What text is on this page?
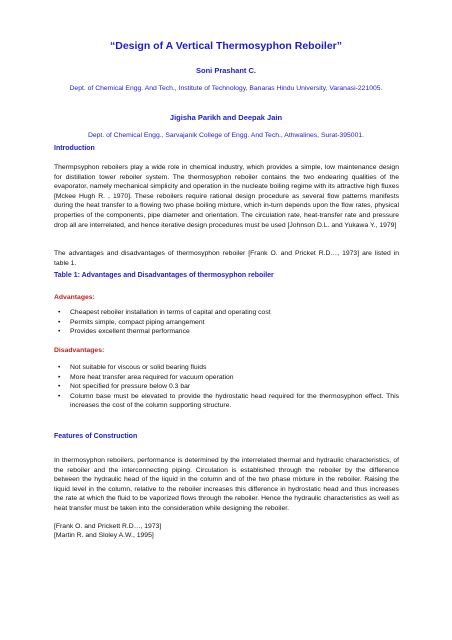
“Design of A Vertical Thermosyphon Reboiler”
Soni Prashant C.
Dept. of Chemical Engg. And Tech., Institute of Technology, Banaras Hindu University, Varanasi-221005.
Jigisha Parikh and Deepak Jain
Dept. of Chemical Engg., Sarvajanik College of Engg. And Tech., Athwalines, Surat-395001.
Introduction

Thermpsyphon reboilers play a wide role in chemical industry, which provides a simple, low maintenance design for distillation tower reboiler system. The thermosyphon reboiler contains the two endearing qualities of the evaporator, namely mechanical simplicity and operation in the nucleate boiling regime with its attractive high fluxes [Mckee Hugh R. , 1970]. These reboilers require rational design procedure as several flow patterns manifests during the heat transfer to a flowing two phase boiling mixture, which in-turn depends upon the flow rates, physical properties of the components, pipe diameter and orientation. The circulation rate, heat-transfer rate and pressure drop all are interrelated, and hence iterative design procedures must be used [Johnson D.L. and Yukawa Y., 1979]

The advantages and disadvantages of thermosyphon reboiler [Frank O. and Pricket R.D…, 1973] are listed in table 1.

Table 1: Advantages and Disadvantages of thermosyphon reboiler
Advantages:
• Cheapest reboiler installation in terms of capital and operating cost
• Permits simple, compact piping arrangement
• Provides excellent thermal performance
Disadvantages:
• Not suitable for viscous or solid bearing fluids
• More heat transfer area required for vacuum operation
• Not specified for pressure below 0.3 bar
• Column base must be elevated to provide the hydrostatic head required for the thermosyphon effect. This increases the cost of the column supporting structure.
Features of Construction

In thermosyphon reboilers, performance is determined by the interrelated thermal and hydraulic characteristics, of the reboiler and the interconnecting piping. Circulation is established through the reboiler by the difference between the hydraulic head of the liquid in the column and of the two phase mixture in the reboiler. Raising the liquid level in the column, relative to the reboiler increases this difference in hydrostatic head and thus increases the rate at which the fluid to be vaporized flows through the reboiler. Hence the hydraulic characteristics as well as heat transfer must be taken into the consideration while designing the reboiler.

[Frank O. and Prickett R.D…, 1973]
[Martin R. and Sloley A.W., 1995]
